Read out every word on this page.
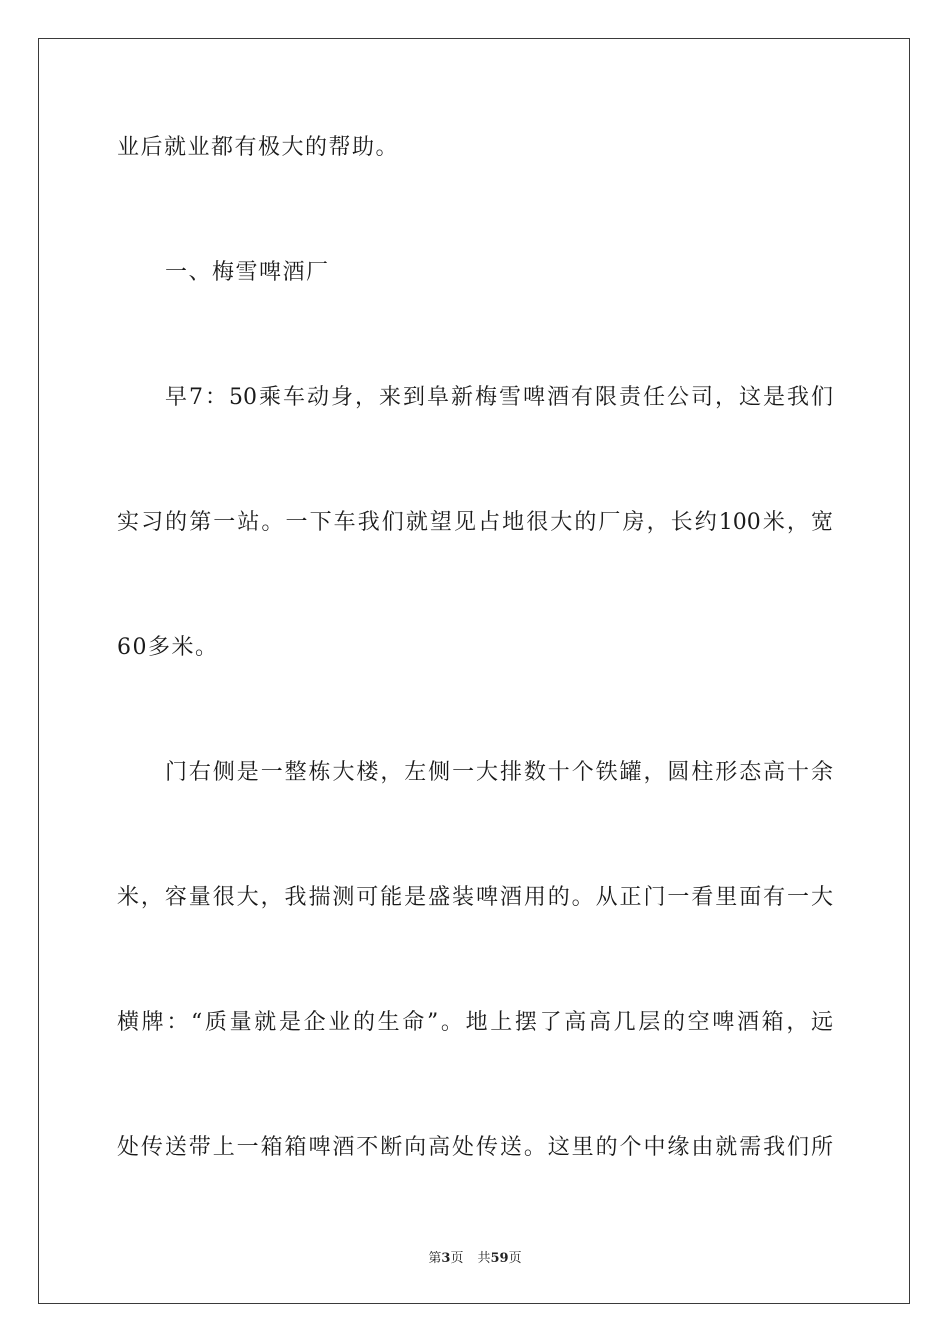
业后就业都有极大的帮助。
一、梅雪啤酒厂
早7：50乘车动身，来到阜新梅雪啤酒有限责任公司，这是我们
实习的第一站。一下车我们就望见占地很大的厂房，长约100米，宽
60多米。
门右侧是一整栋大楼，左侧一大排数十个铁罐，圆柱形态高十余
米，容量很大，我揣测可能是盛装啤酒用的。从正门一看里面有一大
横牌：“质量就是企业的生命”。地上摆了高高几层的空啤酒箱，远
处传送带上一箱箱啤酒不断向高处传送。这里的个中缘由就需我们所
第3页 共59页
